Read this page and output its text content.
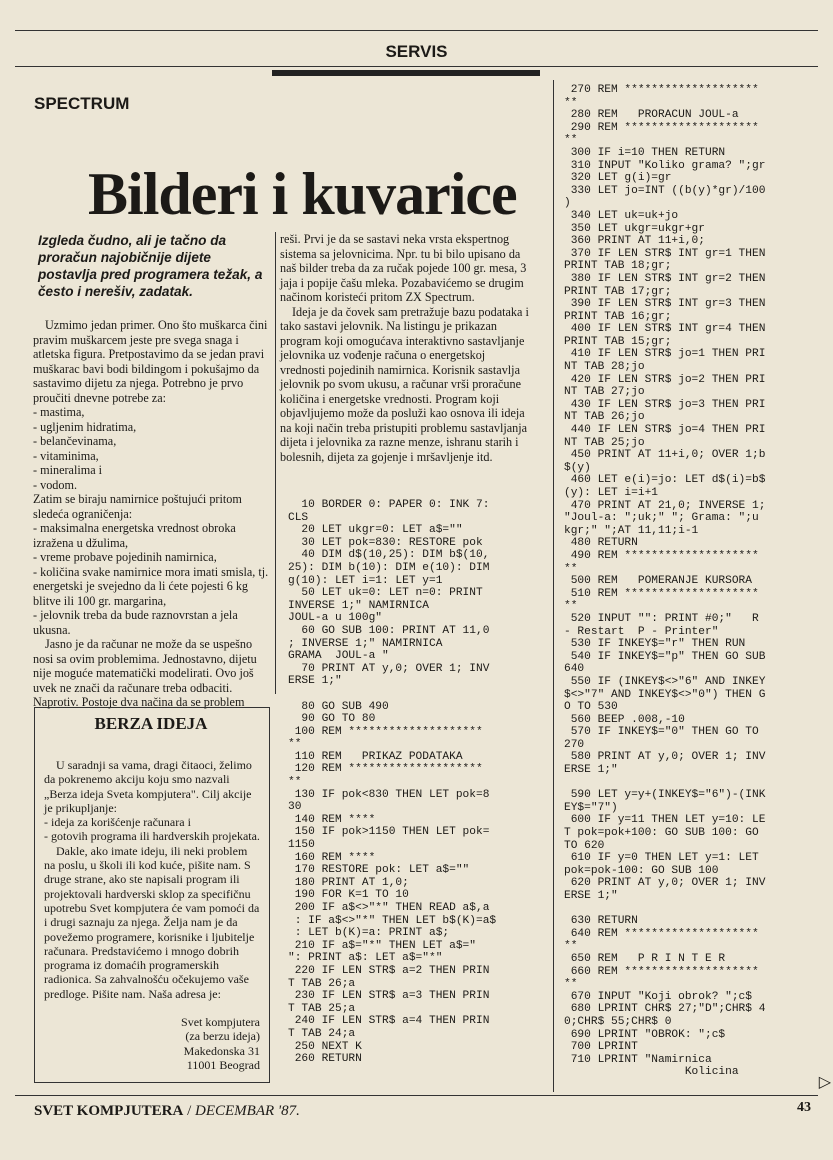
SERVIS
SPECTRUM
Bilderi i kuvarice
Izgleda čudno, ali je tačno da proračun najobičnije dijete postavlja pred programera težak, a često i nerešiv, zadatak.

Uzmimo jedan primer. Ono što muškarca čini pravim muškarcem jeste pre svega snaga i atletska figura. Pretpostavimo da se jedan pravi muškarac bavi bodi bildingom i pokušajmo da sastavimo dijetu za njega. Potrebno je prvo proučiti dnevne potrebe za:

- mastima,
- ugljenim hidratima,
- belančevinama,
- vitaminima,
- mineralima i
- vodom.

Zatim se biraju namirnice poštujući pritom sledeća ograničenja:

- maksimalna energetska vrednost obroka izražena u džulima,
- vreme probave pojedinih namirnica,
- količina svake namirnice mora imati smisla, tj. energetski je svejedno da li ćete pojesti 6 kg blitve ili 100 gr. margarina,
- jelovnik treba da bude raznovrstan a jela ukusna.

Jasno je da računar ne može da se uspešno nosi sa ovim problemima. Jednostavno, dijetu nije moguće matematički modelirati. Ovo još uvek ne znači da računare treba odbaciti. Naprotiv. Postoje dva načina da se problem

reši. Prvi je da se sastavi neka vrsta ekspertnog sistema sa jelovnicima. Npr. tu bi bilo upisano da naš bilder treba da za ručak pojede 100 gr. mesa, 3 jaja i popije čašu mleka. Pozabavićemo se drugim načinom koristeći pritom ZX Spectrum.

Ideja je da čovek sam pretražuje bazu podataka i tako sastavi jelovnik. Na listingu je prikazan program koji omogućava interaktivno sastavljanje jelovnika uz vođenje računa o energetskoj vrednosti pojedinih namirnica. Korisnik sastavlja jelovnik po svom ukusu, a računar vrši proračune količina i energetske vrednosti. Program koji objavljujemo može da posluži kao osnova ili ideja na koji način treba pristupiti problemu sastavljanja dijeta i jelovnika za razne menze, ishranu starih i bolesnih, dijeta za gojenje i mršavljenje itd.

10 BORDER 0: PAPER 0: INK 7:
CLS
20 LET ukgr=0: LET a$=""
30 LET pok=830: RESTORE pok
40 DIM d$(10,25): DIM b$(10,
25): DIM b(10): DIM e(10): DIM
g(10): LET i=1: LET y=1
50 LET uk=0: LET n=0: PRINT
INVERSE 1;" NAMIRNICA
JOUL-a u 100g"
60 GO SUB 100: PRINT AT 11,0
; INVERSE 1;" NAMIRNICA
GRAMA  JOUL-a "
70 PRINT AT y,0; OVER 1; INV
ERSE 1;"

80 GO SUB 490
90 GO TO 80
100 REM ********************
**
110 REM   PRIKAZ PODATAKA
120 REM ********************
**
130 IF pok<830 THEN LET pok=8
30
140 REM ****
150 IF pok>1150 THEN LET pok=
1150
160 REM ****
170 RESTORE pok: LET a$=""
180 PRINT AT 1,0;
190 FOR K=1 TO 10
200 IF a$<>"*" THEN READ a$,a
: IF a$<>"*" THEN LET b$(K)=a$
: LET b(K)=a: PRINT a$;
210 IF a$="*" THEN LET a$="
": PRINT a$: LET a$="*"
220 IF LEN STR$ a=2 THEN PRIN
T TAB 26;a
230 IF LEN STR$ a=3 THEN PRIN
T TAB 25;a
240 IF LEN STR$ a=4 THEN PRIN
T TAB 24;a
250 NEXT K
260 RETURN
270 REM ********************
**
280 REM   PRORACUN JOUL-a
290 REM ********************
**
300 IF i=10 THEN RETURN
310 INPUT "Koliko grama? ";gr
320 LET g(i)=gr
330 LET jo=INT ((b(y)*gr)/100
)
340 LET uk=uk+jo
350 LET ukgr=ukgr+gr
360 PRINT AT 11+i,0;
370 IF LEN STR$ INT gr=1 THEN
PRINT TAB 18;gr;
380 IF LEN STR$ INT gr=2 THEN
PRINT TAB 17;gr;
390 IF LEN STR$ INT gr=3 THEN
PRINT TAB 16;gr;
400 IF LEN STR$ INT gr=4 THEN
PRINT TAB 15;gr;
410 IF LEN STR$ jo=1 THEN PRI
NT TAB 28;jo
420 IF LEN STR$ jo=2 THEN PRI
NT TAB 27;jo
430 IF LEN STR$ jo=3 THEN PRI
NT TAB 26;jo
440 IF LEN STR$ jo=4 THEN PRI
NT TAB 25;jo
450 PRINT AT 11+i,0; OVER 1;b
$(y)
460 LET e(i)=jo: LET d$(i)=b$
(y): LET i=i+1
470 PRINT AT 21,0; INVERSE 1;
"Joul-a: ";uk;" "; Grama: ";u
kgr;" ";AT 11,11;i-1
480 RETURN
490 REM ********************
**
500 REM   POMERANJE KURSORA
510 REM ********************
**
520 INPUT "": PRINT #0;"   R
- Restart  P - Printer"
530 IF INKEY$="r" THEN RUN
540 IF INKEY$="p" THEN GO SUB
640
550 IF (INKEY$<>"6" AND INKEY
$<>"7" AND INKEY$<>"0") THEN G
O TO 530
560 BEEP .008,-10
570 IF INKEY$="0" THEN GO TO
270
580 PRINT AT y,0; OVER 1; INV
ERSE 1;"

590 LET y=y+(INKEY$="6")-(INK
EY$="7")
600 IF y=11 THEN LET y=10: LE
T pok=pok+100: GO SUB 100: GO
TO 620
610 IF y=0 THEN LET y=1: LET
pok=pok-100: GO SUB 100
620 PRINT AT y,0; OVER 1; INV
ERSE 1;"

630 RETURN
640 REM ********************
**
650 REM   P R I N T E R
660 REM ********************
**
670 INPUT "Koji obrok? ";c$
680 LPRINT CHR$ 27;"D";CHR$ 4
0;CHR$ 55;CHR$ 0
690 LPRINT "OBROK: ";c$
700 LPRINT
710 LPRINT "Namirnica
Kolicina
BERZA IDEJA

U saradnji sa vama, dragi čitaoci, želimo da pokrenemo akciju koju smo nazvali „Berza ideja Sveta kompjutera". Cilj akcije je prikupljanje:

- ideja za korišćenje računara i
- gotovih programa ili hardverskih projekata.

Dakle, ako imate ideju, ili neki problem na poslu, u školi ili kod kuće, pišite nam. S druge strane, ako ste napisali program ili projektovali hardverski sklop za specifičnu upotrebu Svet kompjutera će vam pomoći da i drugi saznaju za njega. Želja nam je da povežemo programere, korisnike i ljubitelje računara. Predstavićemo i mnogo dobrih programa iz domaćih programerskih radionica. Sa zahvalnošću očekujemo vaše predloge. Pišite nam. Naša adresa je:

Svet kompjutera
(za berzu ideja)
Makedonska 31
11001 Beograd
▷
SVET KOMPJUTERA / DECEMBAR '87.	43
